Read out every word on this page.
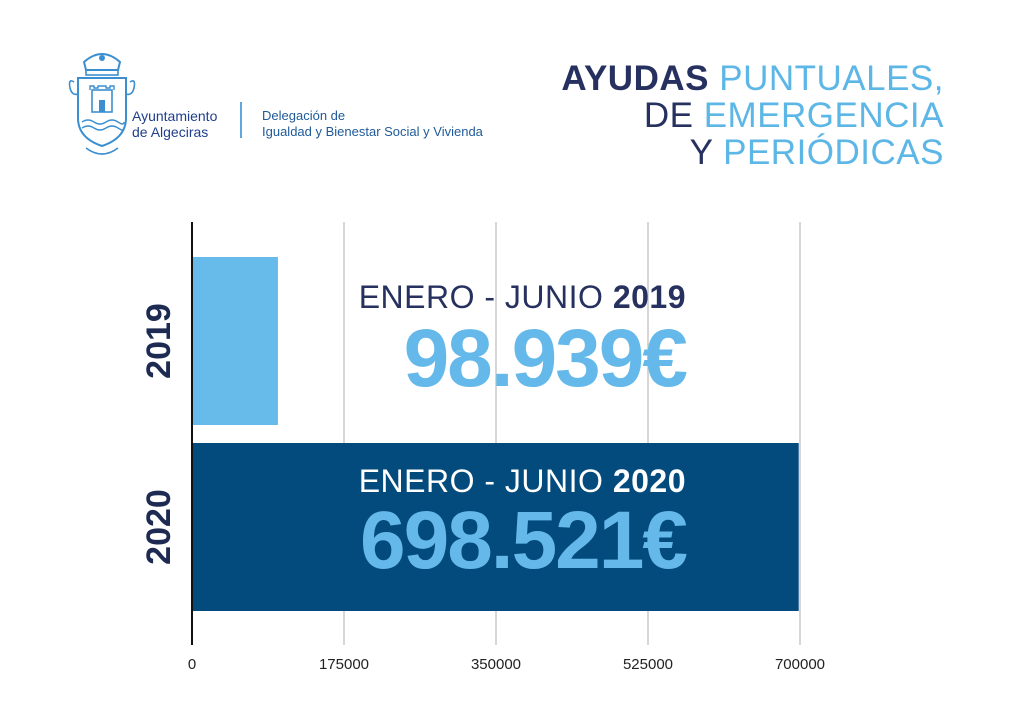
Ayuntamiento
de Algeciras
Delegación de
Igualdad y Bienestar Social y Vivienda
AYUDAS PUNTUALES,
DE EMERGENCIA
Y PERIÓDICAS
0	175000	350000	525000	700000
2019
2020
ENERO - JUNIO 2019
98.939€
ENERO - JUNIO 2020
698.521€
